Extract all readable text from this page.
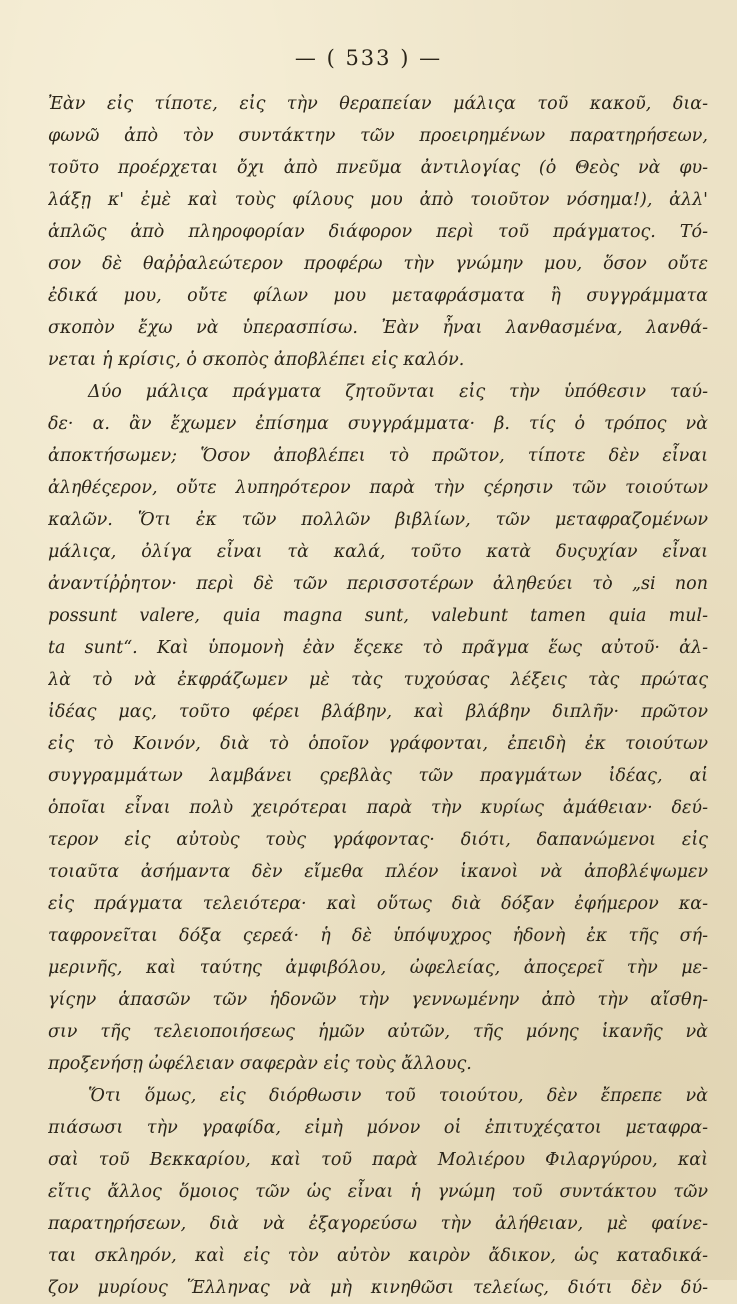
— ( 533 ) —
Ἐὰν εἰς τίποτε, εἰς τὴν θεραπείαν μάλιςα τοῦ κακοῦ, δια-
φωνῶ ἀπὸ τὸν συντάκτην τῶν προειρημένων παρατηρήσεων,
τοῦτο προέρχεται ὄχι ἀπὸ πνεῦμα ἀντιλογίας (ὁ Θεὸς νὰ φυ-
λάξῃ κ' ἐμὲ καὶ τοὺς φίλους μου ἀπὸ τοιοῦτον νόσημα!), ἀλλ'
ἁπλῶς ἀπὸ πληροφορίαν διάφορον περὶ τοῦ πράγματος. Τό-
σον δὲ θαῤῥαλεώτερον προφέρω τὴν γνώμην μου, ὅσον οὔτε
ἐδικά μου, οὔτε φίλων μου μεταφράσματα ἢ συγγράμματα
σκοπὸν ἔχω νὰ ὑπερασπίσω. Ἐὰν ἦναι λανθασμένα, λανθά-
νεται ἡ κρίσις, ὁ σκοπὸς ἀποβλέπει εἰς καλόν.
Δύο μάλιςα πράγματα ζητοῦνται εἰς τὴν ὑπόθεσιν ταύ-
δε· α. ἂν ἔχωμεν ἐπίσημα συγγράμματα· β. τίς ὁ τρόπος νὰ
ἀποκτήσωμεν; Ὅσον ἀποβλέπει τὸ πρῶτον, τίποτε δὲν εἶναι
ἀληθέςερον, οὔτε λυπηρότερον παρὰ τὴν ςέρησιν τῶν τοιούτων
καλῶν. Ὅτι ἐκ τῶν πολλῶν βιβλίων, τῶν μεταφραζομένων
μάλιςα, ὀλίγα εἶναι τὰ καλά, τοῦτο κατὰ δυςυχίαν εἶναι
ἀναντίῤῥητον· περὶ δὲ τῶν περισσοτέρων ἀληθεύει τὸ „si non
possunt valere, quia magna sunt, valebunt tamen quia mul-
ta sunt“. Καὶ ὑπομονὴ ἐὰν ἔςεκε τὸ πρᾶγμα ἕως αὐτοῦ· ἀλ-
λὰ τὸ νὰ ἐκφράζωμεν μὲ τὰς τυχούσας λέξεις τὰς πρώτας
ἰδέας μας, τοῦτο φέρει βλάβην, καὶ βλάβην διπλῆν· πρῶτον
εἰς τὸ Κοινόν, διὰ τὸ ὁποῖον γράφονται, ἐπειδὴ ἐκ τοιούτων
συγγραμμάτων λαμβάνει ςρεβλὰς τῶν πραγμάτων ἰδέας, αἱ
ὁποῖαι εἶναι πολὺ χειρότεραι παρὰ τὴν κυρίως ἀμάθειαν· δεύ-
τερον εἰς αὐτοὺς τοὺς γράφοντας· διότι, δαπανώμενοι εἰς
τοιαῦτα ἀσήμαντα δὲν εἴμεθα πλέον ἱκανοὶ νὰ ἀποβλέψωμεν
εἰς πράγματα τελειότερα· καὶ οὕτως διὰ δόξαν ἐφήμερον κα-
ταφρονεῖται δόξα ςερεά· ἡ δὲ ὑπόψυχρος ἡδονὴ ἐκ τῆς σή-
μερινῆς, καὶ ταύτης ἀμφιβόλου, ὠφελείας, ἀποςερεῖ τὴν με-
γίςην ἁπασῶν τῶν ἡδονῶν τὴν γεννωμένην ἀπὸ τὴν αἴσθη-
σιν τῆς τελειοποιήσεως ἡμῶν αὐτῶν, τῆς μόνης ἱκανῆς νὰ
προξενήσῃ ὠφέλειαν σαφερὰν εἰς τοὺς ἄλλους.
Ὅτι ὅμως, εἰς διόρθωσιν τοῦ τοιούτου, δὲν ἔπρεπε νὰ
πιάσωσι τὴν γραφίδα, εἰμὴ μόνον οἱ ἐπιτυχέςατοι μεταφρα-
σαὶ τοῦ Βεκκαρίου, καὶ τοῦ παρὰ Μολιέρου Φιλαργύρου, καὶ
εἴτις ἄλλος ὅμοιος τῶν ὡς εἶναι ἡ γνώμη τοῦ συντάκτου τῶν
παρατηρήσεων, διὰ νὰ ἐξαγορεύσω τὴν ἀλήθειαν, μὲ φαίνε-
ται σκληρόν, καὶ εἰς τὸν αὐτὸν καιρὸν ἄδικον, ὡς καταδικά-
ζον μυρίους Ἕλληνας νὰ μὴ κινηθῶσι τελείως, διότι δὲν δύ-
